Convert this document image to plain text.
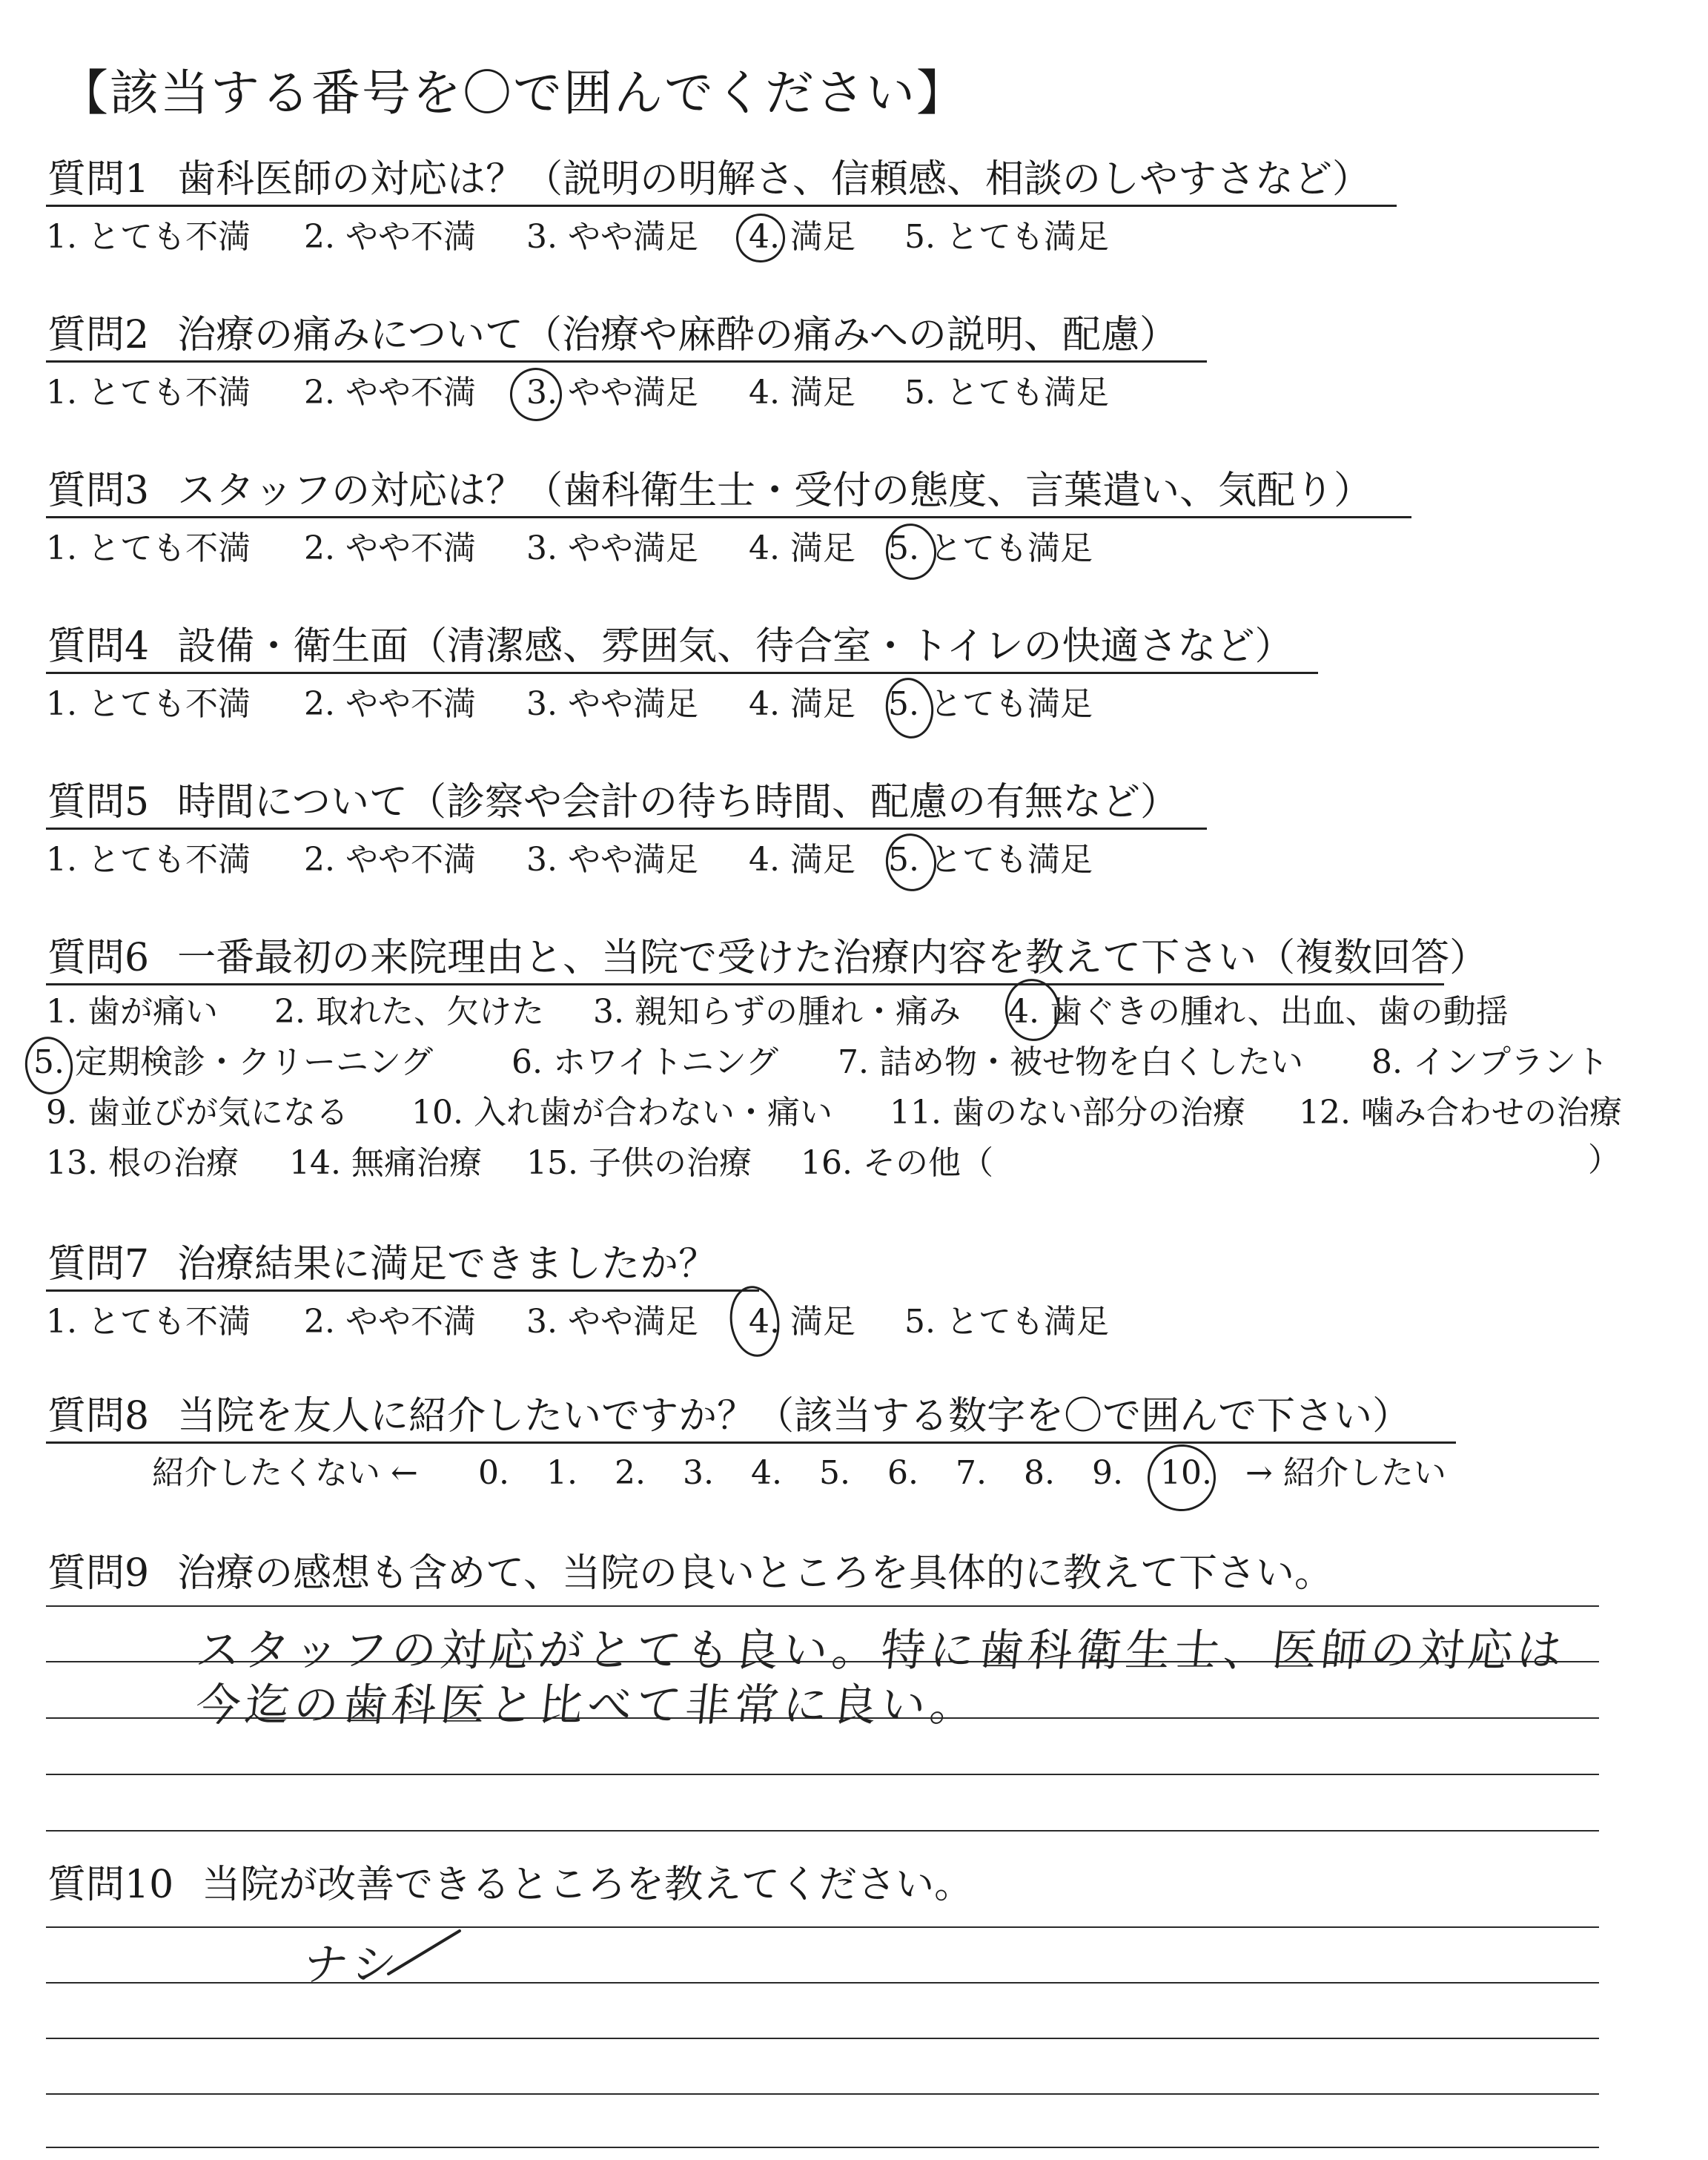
【該当する番号を〇で囲んでください】
質問1 歯科医師の対応は？（説明の明解さ、信頼感、相談のしやすさなど）
1. とても不満 2. やや不満 3. やや満足 4. 満足 5. とても満足
質問2 治療の痛みについて（治療や麻酔の痛みへの説明、配慮）
1. とても不満 2. やや不満 3. やや満足 4. 満足 5. とても満足
質問3 スタッフの対応は？（歯科衛生士・受付の態度、言葉遣い、気配り）
1. とても不満 2. やや不満 3. やや満足 4. 満足 5. とても満足
質問4 設備・衛生面（清潔感、雰囲気、待合室・トイレの快適さなど）
1. とても不満 2. やや不満 3. やや満足 4. 満足 5. とても満足
質問5 時間について（診察や会計の待ち時間、配慮の有無など）
1. とても不満 2. やや不満 3. やや満足 4. 満足 5. とても満足
質問6 一番最初の来院理由と、当院で受けた治療内容を教えて下さい（複数回答）
1. 歯が痛い 2. 取れた、欠けた 3. 親知らずの腫れ・痛み 4. 歯ぐきの腫れ、出血、歯の動揺
5. 定期検診・クリーニング 6. ホワイトニング 7. 詰め物・被せ物を白くしたい 8. インプラント
9. 歯並びが気になる 10. 入れ歯が合わない・痛い 11. 歯のない部分の治療 12. 噛み合わせの治療
13. 根の治療 14. 無痛治療 15. 子供の治療 16. その他（	）
質問7 治療結果に満足できましたか？
1. とても不満 2. やや不満 3. やや満足 4. 満足 5. とても満足
質問8 当院を友人に紹介したいですか？（該当する数字を〇で囲んで下さい）
紹介したくない ← 0. 1. 2. 3. 4. 5. 6. 7. 8. 9. 10. → 紹介したい
質問9 治療の感想も含めて、当院の良いところを具体的に教えて下さい。
スタッフの対応がとても良い。特に歯科衛生士、医師の対応は
今迄の歯科医と比べて非常に良い。
質問10 当院が改善できるところを教えてください。
ナシ
